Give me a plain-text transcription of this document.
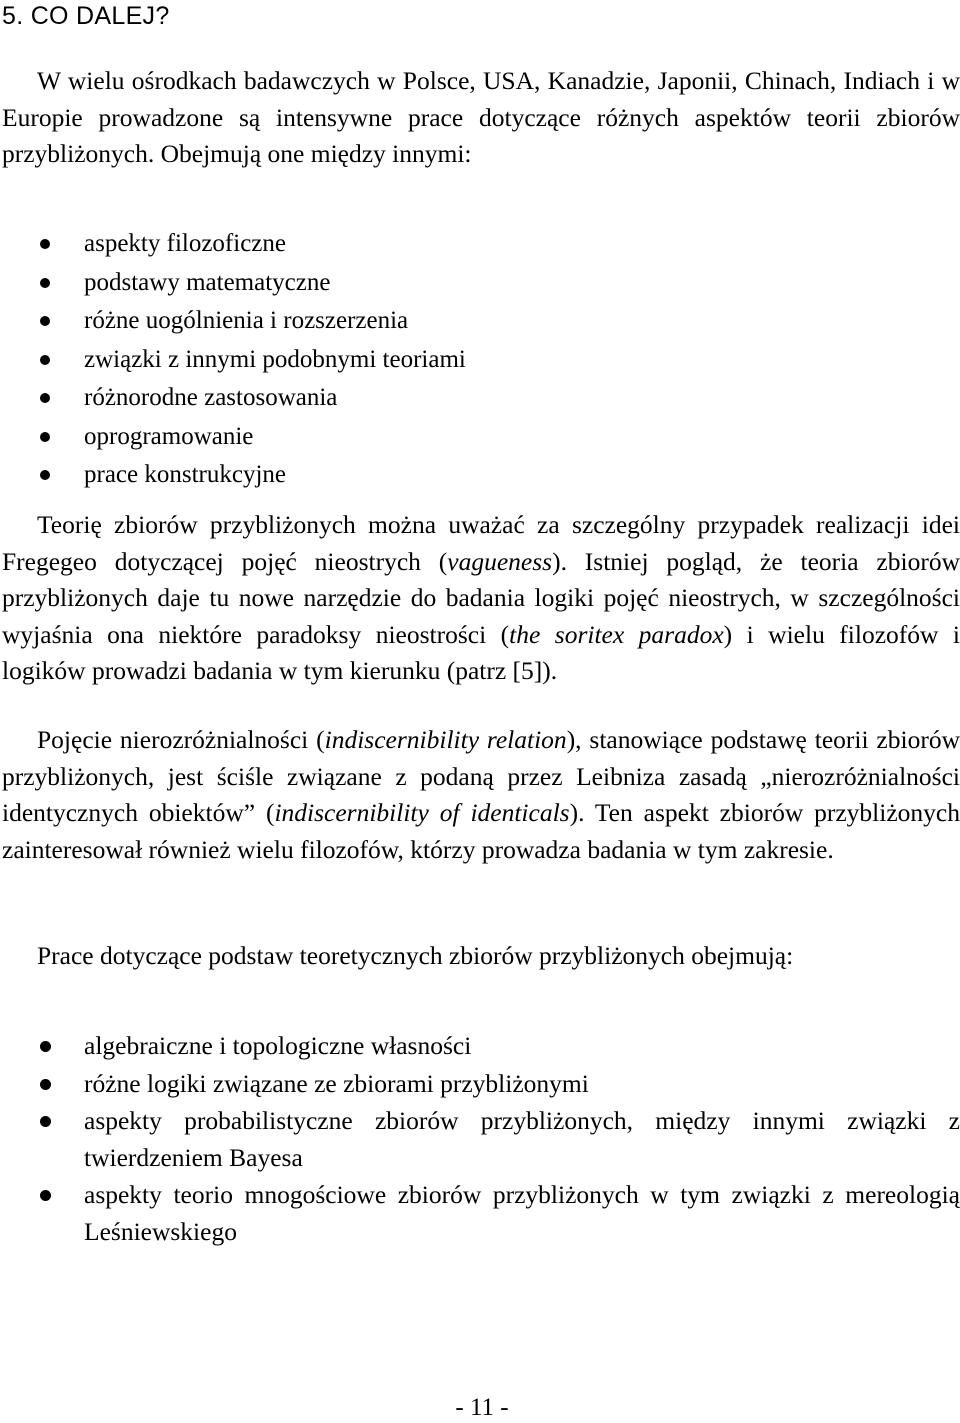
5. CO DALEJ?

W wielu ośrodkach badawczych w Polsce, USA, Kanadzie, Japonii, Chinach, Indiach i w Europie prowadzone są intensywne prace dotyczące różnych aspektów teorii zbiorów przybliżonych. Obejmują one między innymi:

aspekty filozoficzne
podstawy matematyczne
różne uogólnienia i rozszerzenia
związki z innymi podobnymi teoriami
różnorodne zastosowania
oprogramowanie
prace konstrukcyjne

Teorię zbiorów przybliżonych można uważać za szczególny przypadek realizacji idei Fregegeo dotyczącej pojęć nieostrych (vagueness). Istniej pogląd, że teoria zbiorów przybliżonych daje tu nowe narzędzie do badania logiki pojęć nieostrych, w szczególności wyjaśnia ona niektóre paradoksy nieostrości (the soritex paradox) i wielu filozofów i logików prowadzi badania w tym kierunku (patrz [5]).

Pojęcie nierozróżnialności (indiscernibility relation), stanowiące podstawę teorii zbiorów przybliżonych, jest ściśle związane z podaną przez Leibniza zasadą „nierozróżnialności identycznych obiektów” (indiscernibility of identicals). Ten aspekt zbiorów przybliżonych zainteresował również wielu filozofów, którzy prowadza badania w tym zakresie.

Prace dotyczące podstaw teoretycznych zbiorów przybliżonych obejmują:

algebraiczne i topologiczne własności
różne logiki związane ze zbiorami przybliżonymi
aspekty probabilistyczne zbiorów przybliżonych, między innymi związki z twierdzeniem Bayesa
aspekty teorio mnogościowe zbiorów przybliżonych w tym związki z mereologią Leśniewskiego
- 11 -
